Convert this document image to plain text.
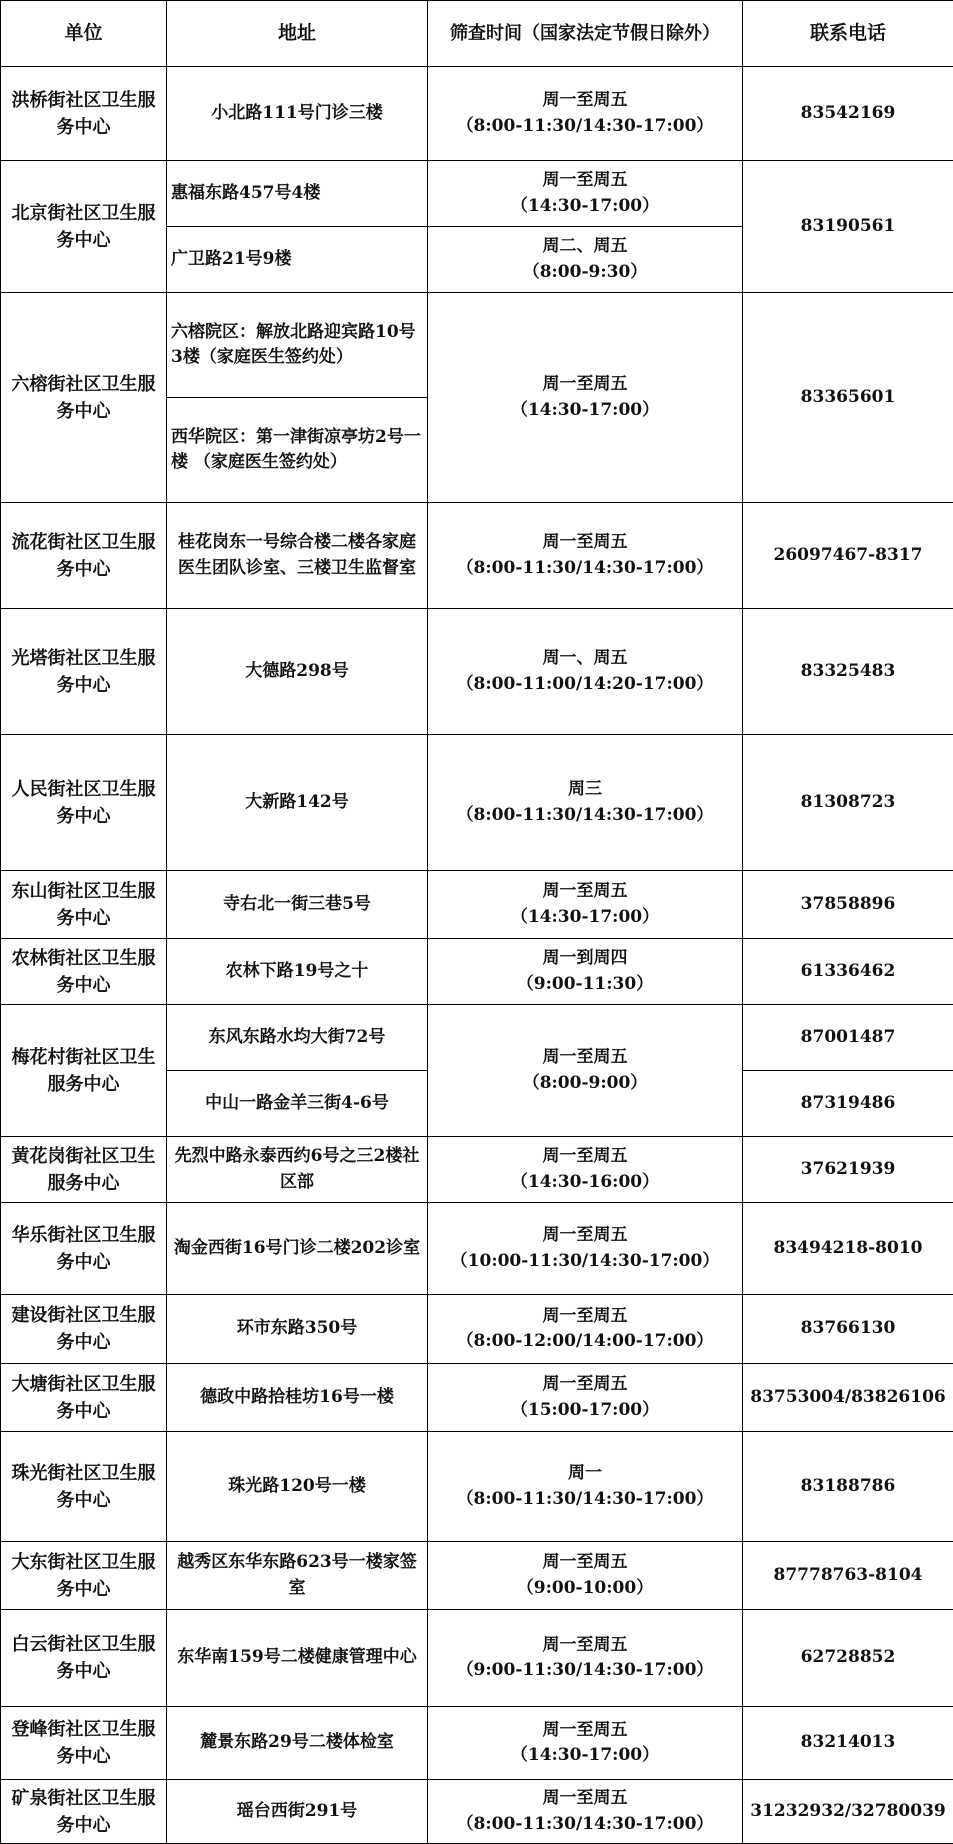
单位	地址	筛查时间（国家法定节假日除外）	联系电话
洪桥街社区卫生服务中心	小北路111号门诊三楼	周一至周五
（8:00-11:30/14:30-17:00）	83542169
北京街社区卫生服务中心	惠福东路457号4楼	周一至周五
（14:30-17:00）	83190561
	广卫路21号9楼	周二、周五
（8:00-9:30）	

六榕街社区卫生服务中心	六榕院区：解放北路迎宾路10号3楼（家庭医生签约处）	周一至周五
（14:30-17:00）	83365601
	西华院区：第一津街凉亭坊2号一楼 （家庭医生签约处）		
流花街社区卫生服务中心	桂花岗东一号综合楼二楼各家庭医生团队诊室、三楼卫生监督室	周一至周五
（8:00-11:30/14:30-17:00）	26097467-8317
光塔街社区卫生服务中心	大德路298号	周一、周五
（8:00-11:00/14:20-17:00）	83325483
人民街社区卫生服务中心	大新路142号	周三
（8:00-11:30/14:30-17:00）	81308723
东山街社区卫生服务中心	寺右北一街三巷5号	周一至周五
（14:30-17:00）	37858896
农林街社区卫生服务中心	农林下路19号之十	周一到周四
（9:00-11:30）	61336462
梅花村街社区卫生服务中心	东风东路水均大街72号	周一至周五
（8:00-9:00）	87001487
	中山一路金羊三街4-6号		87319486
黄花岗街社区卫生服务中心	先烈中路永泰西约6号之三2楼社区部	周一至周五
（14:30-16:00）	37621939
华乐街社区卫生服务中心	淘金西街16号门诊二楼202诊室	周一至周五
（10:00-11:30/14:30-17:00）	83494218-8010
建设街社区卫生服务中心	环市东路350号	周一至周五
（8:00-12:00/14:00-17:00）	83766130
大塘街社区卫生服务中心	德政中路拾桂坊16号一楼	周一至周五
（15:00-17:00）	83753004/83826106
珠光街社区卫生服务中心	珠光路120号一楼	周一
（8:00-11:30/14:30-17:00）	83188786
大东街社区卫生服务中心	越秀区东华东路623号一楼家签室	周一至周五
（9:00-10:00）	87778763-8104
白云街社区卫生服务中心	东华南159号二楼健康管理中心	周一至周五
（9:00-11:30/14:30-17:00）	62728852
登峰街社区卫生服务中心	麓景东路29号二楼体检室	周一至周五
（14:30-17:00）	83214013
矿泉街社区卫生服务中心	瑶台西街291号	周一至周五
（8:00-11:30/14:30-17:00）	31232932/32780039
